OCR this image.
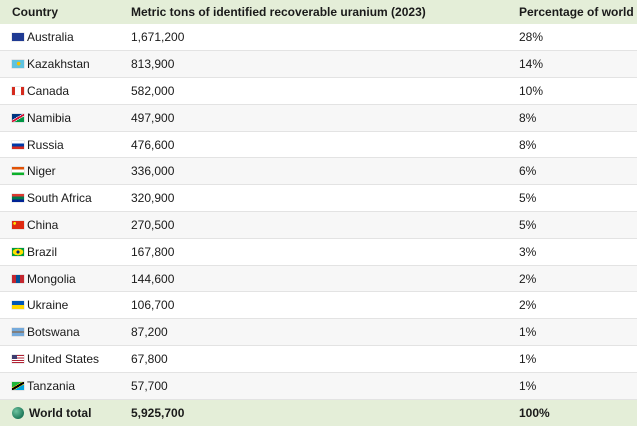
Country	Metric tons of identified recoverable uranium (2023)	Percentage of world

Australia	1,671,200	28%

Kazakhstan	813,900	14%

Canada	582,000	10%

Namibia	497,900	8%

Russia	476,600	8%

Niger	336,000	6%

South Africa	320,900	5%

China	270,500	5%

Brazil	167,800	3%

Mongolia	144,600	2%

Ukraine	106,700	2%

Botswana	87,200	1%

United States	67,800	1%

Tanzania	57,700	1%

World total	5,925,700	100%
